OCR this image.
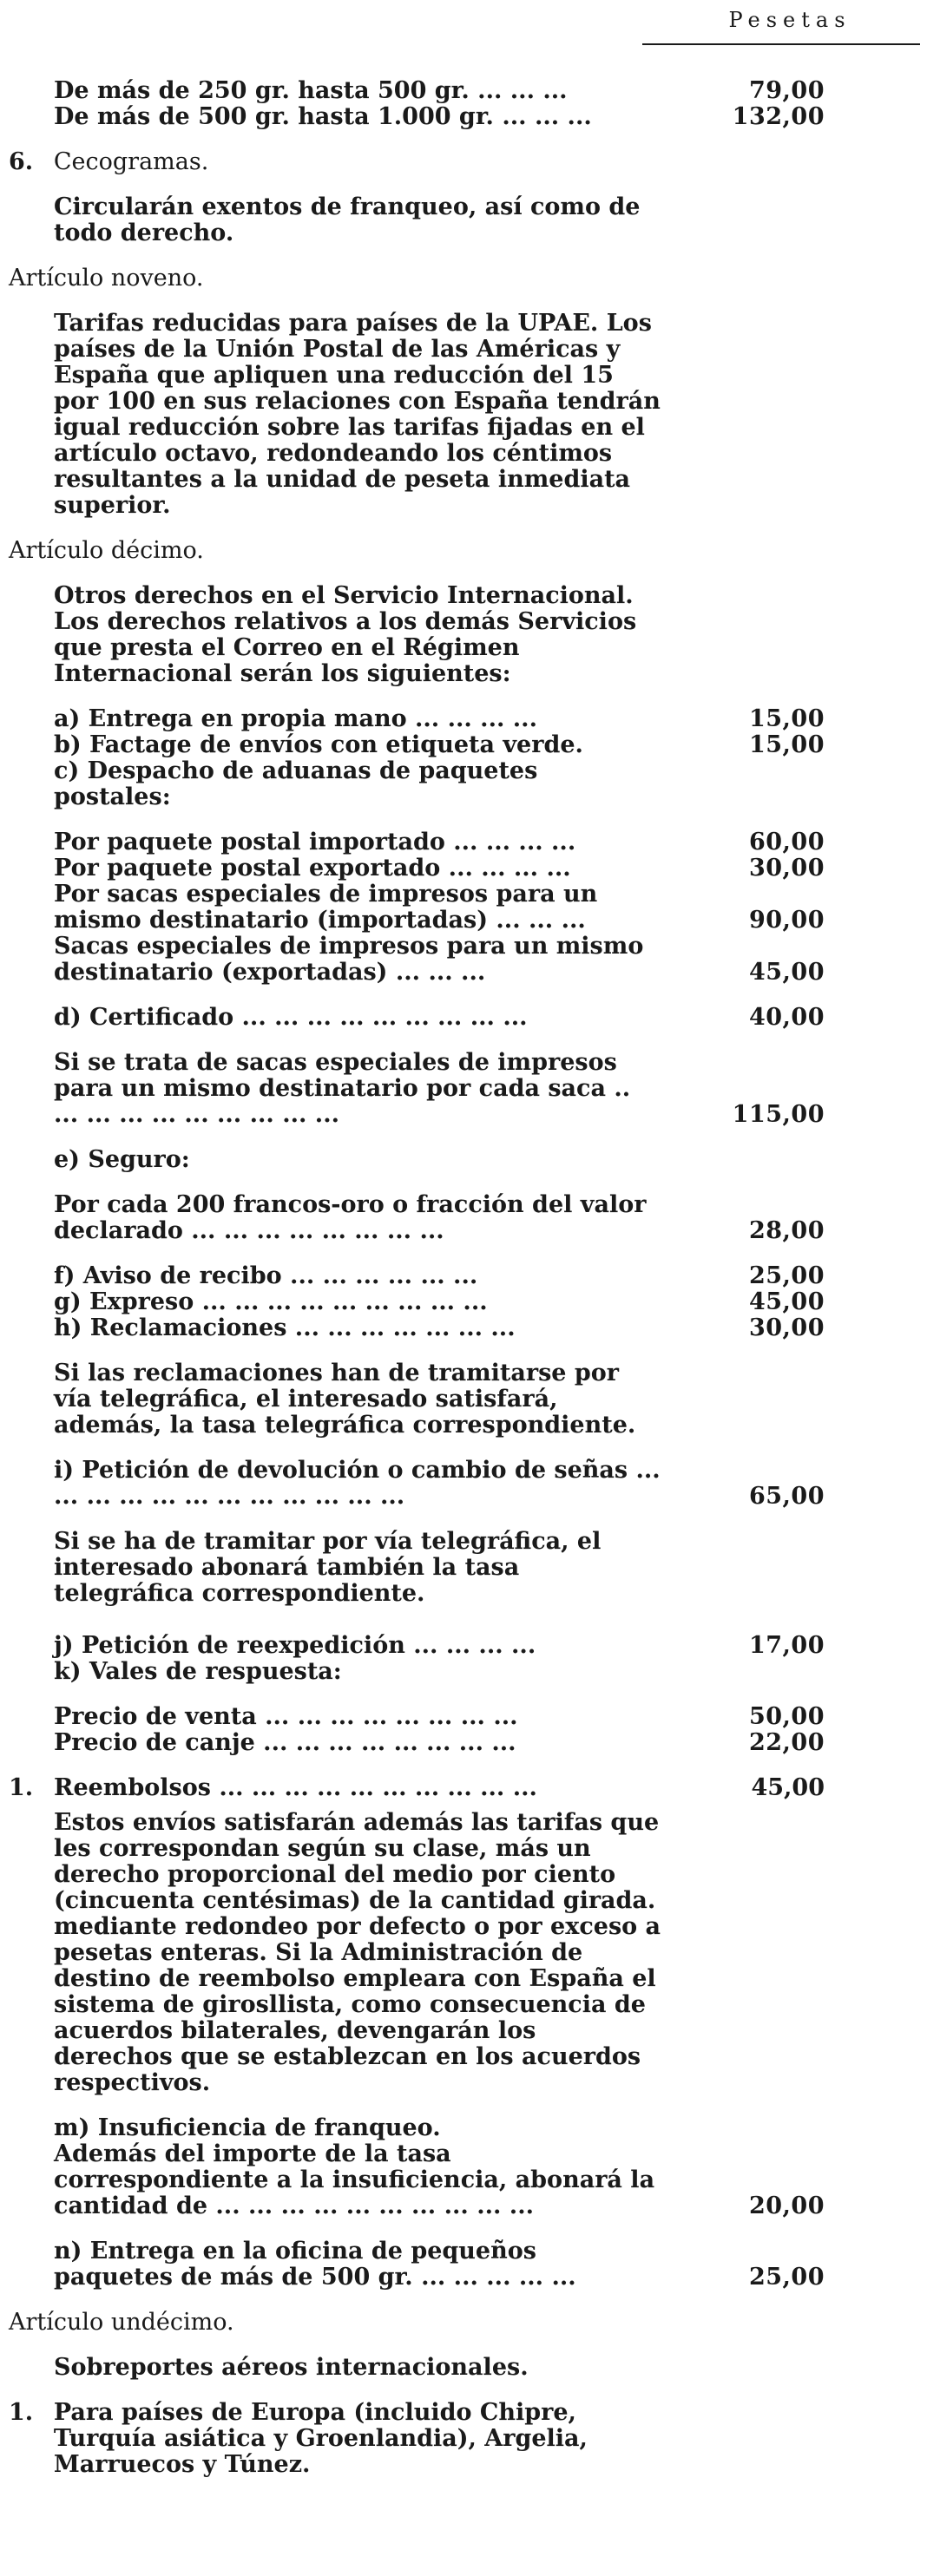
Pesetas
De más de 250 gr. hasta 500 gr. ... ... ...	79,00
De más de 500 gr. hasta 1.000 gr. ... ... ...	132,00
6. Cecogramas.
Circularán exentos de franqueo, así como de todo derecho.
Artículo noveno.
Tarifas reducidas para países de la UPAE. Los países de la Unión Postal de las Américas y España que apliquen una reducción del 15 por 100 en sus relaciones con España tendrán igual reducción sobre las tarifas fijadas en el artículo octavo, redondeando los céntimos resultantes a la unidad de peseta inmediata superior.
Artículo décimo.
Otros derechos en el Servicio Internacional.
Los derechos relativos a los demás Servicios que presta el Correo en el Régimen Internacional serán los siguientes:
a) Entrega en propia mano ... ... ... ...	15,00
b) Factage de envíos con etiqueta verde.	15,00
c) Despacho de aduanas de paquetes postales:
Por paquete postal importado ... ... ... ...	60,00
Por paquete postal exportado ... ... ... ...	30,00
Por sacas especiales de impresos para un mismo destinatario (importadas) ... ... ...	90,00
Sacas especiales de impresos para un mismo destinatario (exportadas) ... ... ...	45,00
d) Certificado ... ... ... ... ... ... ... ... ...	40,00
Si se trata de sacas especiales de impresos para un mismo destinatario por cada saca .. ... ... ... ... ... ... ... ... ...	115,00
e) Seguro:
Por cada 200 francos-oro o fracción del valor declarado ... ... ... ... ... ... ... ...	28,00
f) Aviso de recibo ... ... ... ... ... ...	25,00
g) Expreso ... ... ... ... ... ... ... ... ...	45,00
h) Reclamaciones ... ... ... ... ... ... ...	30,00
Si las reclamaciones han de tramitarse por vía telegráfica, el interesado satisfará, además, la tasa telegráfica correspondiente.
i) Petición de devolución o cambio de señas ... ... ... ... ... ... ... ... ... ... ... ...	65,00
Si se ha de tramitar por vía telegráfica, el interesado abonará también la tasa telegráfica correspondiente.
j) Petición de reexpedición ... ... ... ...	17,00
k) Vales de respuesta:
Precio de venta ... ... ... ... ... ... ... ...	50,00
Precio de canje ... ... ... ... ... ... ... ...	22,00
1. Reembolsos ... ... ... ... ... ... ... ... ... ...	45,00
Estos envíos satisfarán además las tarifas que les correspondan según su clase, más un derecho proporcional del medio por ciento (cincuenta centésimas) de la cantidad girada. mediante redondeo por defecto o por exceso a pesetas enteras. Si la Administración de destino de reembolso empleara con España el sistema de girosllista, como consecuencia de acuerdos bilaterales, devengarán los derechos que se establezcan en los acuerdos respectivos.
m) Insuficiencia de franqueo.
Además del importe de la tasa correspondiente a la insuficiencia, abonará la cantidad de ... ... ... ... ... ... ... ... ... ...	20,00
n) Entrega en la oficina de pequeños paquetes de más de 500 gr. ... ... ... ... ...	25,00
Artículo undécimo.
Sobreportes aéreos internacionales.
1. Para países de Europa (incluido Chipre, Turquía asiática y Groenlandia), Argelia, Marruecos y Túnez.
